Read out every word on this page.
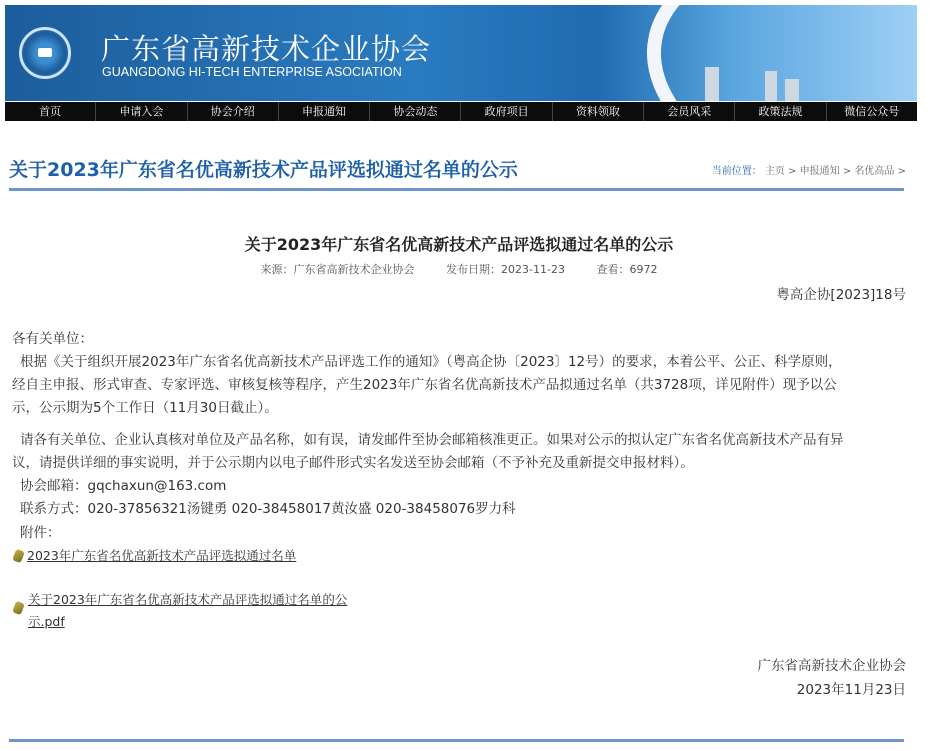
广东省高新技术企业协会
GUANGDONG HI-TECH ENTERPRISE ASOCIATION
首页	申请入会	协会介绍	申报通知	协会动态	政府项目	资料领取	会员风采	政策法规	微信公众号
关于2023年广东省名优高新技术产品评选拟通过名单的公示	当前位置： 主页 > 申报通知 > 名优高品 >
关于2023年广东省名优高新技术产品评选拟通过名单的公示
来源：广东省高新技术企业协会	发布日期：2023-11-23	查看：6972
粤高企协[2023]18号
各有关单位：
根据《关于组织开展2023年广东省名优高新技术产品评选工作的通知》（粤高企协〔2023〕12号）的要求，本着公平、公正、科学原则，
经自主申报、形式审查、专家评选、审核复核等程序，产生2023年广东省名优高新技术产品拟通过名单（共3728项，详见附件）现予以公
示，公示期为5个工作日（11月30日截止）。
请各有关单位、企业认真核对单位及产品名称，如有误，请发邮件至协会邮箱核准更正。如果对公示的拟认定广东省名优高新技术产品有异
议，请提供详细的事实说明，并于公示期内以电子邮件形式实名发送至协会邮箱（不予补充及重新提交申报材料）。
协会邮箱：gqchaxun@163.com
联系方式：020-37856321汤键勇 020-38458017黄汝盛 020-38458076罗力科
附件：
2023年广东省名优高新技术产品评选拟通过名单
关于2023年广东省名优高新技术产品评选拟通过名单的公
示.pdf
广东省高新技术企业协会
2023年11月23日
